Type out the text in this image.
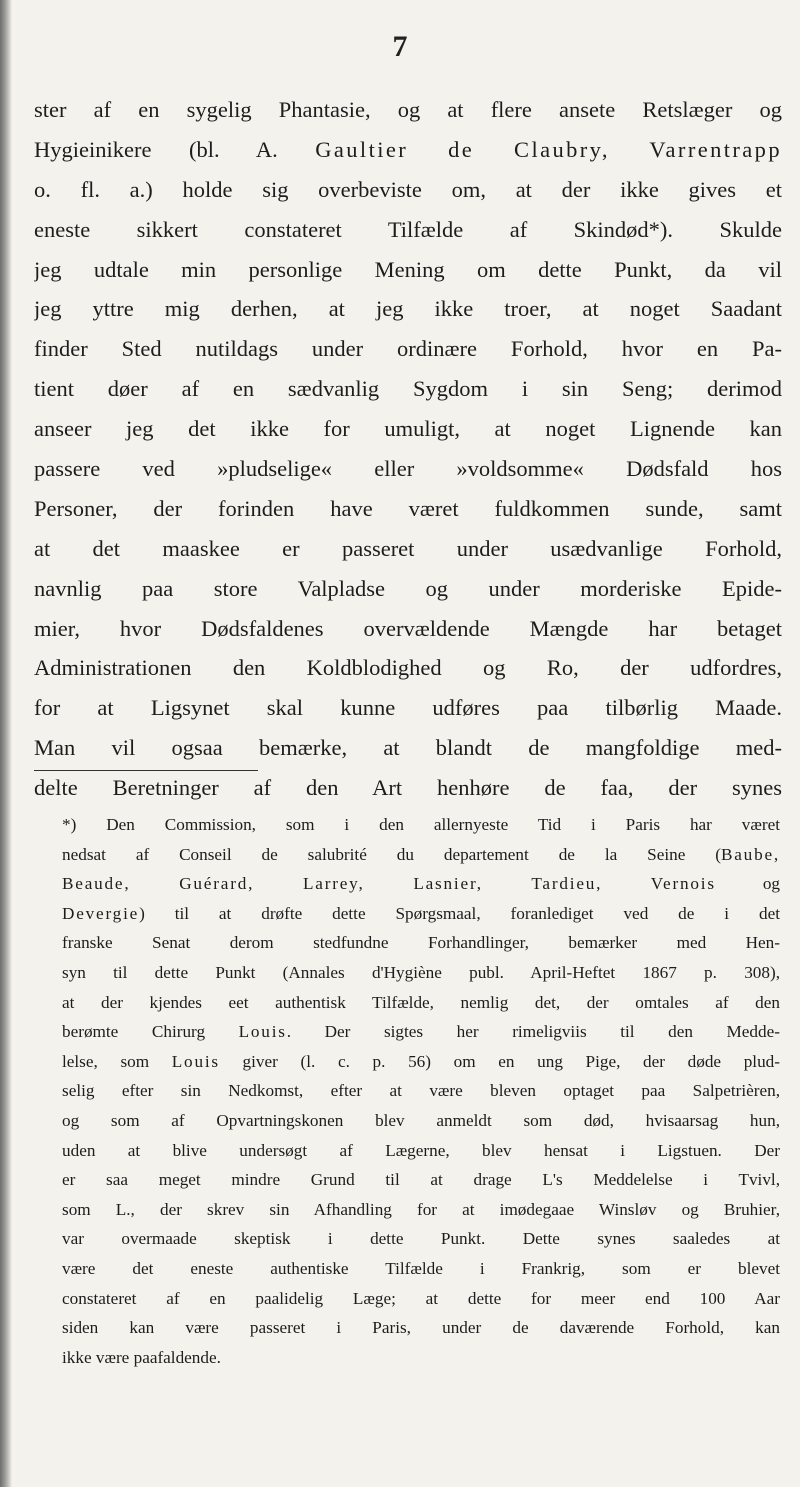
7
ster af en sygelig Phantasie, og at flere ansete Retslæger og
Hygieinikere (bl. A. Gaultier de Claubry, Varrentrapp
o. fl. a.) holde sig overbeviste om, at der ikke gives et
eneste sikkert constateret Tilfælde af Skindød*). Skulde
jeg udtale min personlige Mening om dette Punkt, da vil
jeg yttre mig derhen, at jeg ikke troer, at noget Saadant
finder Sted nutildags under ordinære Forhold, hvor en Pa-
tient døer af en sædvanlig Sygdom i sin Seng; derimod
anseer jeg det ikke for umuligt, at noget Lignende kan
passere ved »pludselige« eller »voldsomme« Dødsfald hos
Personer, der forinden have været fuldkommen sunde, samt
at det maaskee er passeret under usædvanlige Forhold,
navnlig paa store Valpladse og under morderiske Epide-
mier, hvor Dødsfaldenes overvældende Mængde har betaget
Administrationen den Koldblodighed og Ro, der udfordres,
for at Ligsynet skal kunne udføres paa tilbørlig Maade.
Man vil ogsaa bemærke, at blandt de mangfoldige med-
delte Beretninger af den Art henhøre de faa, der synes
*) Den Commission, som i den allernyeste Tid i Paris har været
nedsat af Conseil de salubrité du departement de la Seine (Baube,
Beaude, Guérard, Larrey, Lasnier, Tardieu, Vernois og
Devergie) til at drøfte dette Spørgsmaal, foranlediget ved de i det
franske Senat derom stedfundne Forhandlinger, bemærker med Hen-
syn til dette Punkt (Annales d'Hygiène publ. April-Heftet 1867 p. 308),
at der kjendes eet authentisk Tilfælde, nemlig det, der omtales af den
berømte Chirurg Louis. Der sigtes her rimeligviis til den Medde-
lelse, som Louis giver (l. c. p. 56) om en ung Pige, der døde plud-
selig efter sin Nedkomst, efter at være bleven optaget paa Salpetrièren,
og som af Opvartningskonen blev anmeldt som død, hvisaarsag hun,
uden at blive undersøgt af Lægerne, blev hensat i Ligstuen. Der
er saa meget mindre Grund til at drage L's Meddelelse i Tvivl,
som L., der skrev sin Afhandling for at imødegaae Winsløv og Bruhier,
var overmaade skeptisk i dette Punkt. Dette synes saaledes at
være det eneste authentiske Tilfælde i Frankrig, som er blevet
constateret af en paalidelig Læge; at dette for meer end 100 Aar
siden kan være passeret i Paris, under de daværende Forhold, kan
ikke være paafaldende.
